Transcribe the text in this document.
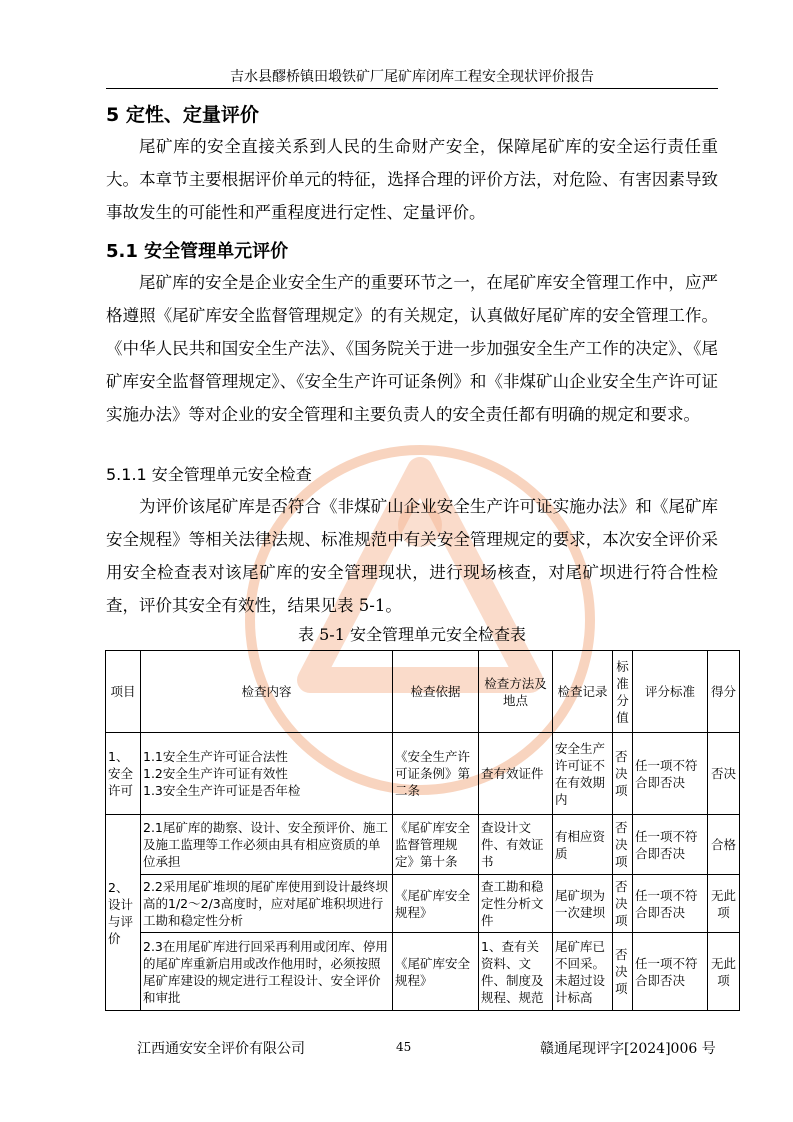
吉水县醪桥镇田塅铁矿厂尾矿库闭库工程安全现状评价报告
5 定性、定量评价
尾矿库的安全直接关系到人民的生命财产安全，保障尾矿库的安全运行责任重大。本章节主要根据评价单元的特征，选择合理的评价方法，对危险、有害因素导致事故发生的可能性和严重程度进行定性、定量评价。
5.1 安全管理单元评价
尾矿库的安全是企业安全生产的重要环节之一，在尾矿库安全管理工作中，应严格遵照《尾矿库安全监督管理规定》的有关规定，认真做好尾矿库的安全管理工作。《中华人民共和国安全生产法》、《国务院关于进一步加强安全生产工作的决定》、《尾矿库安全监督管理规定》、《安全生产许可证条例》和《非煤矿山企业安全生产许可证实施办法》等对企业的安全管理和主要负责人的安全责任都有明确的规定和要求。
5.1.1 安全管理单元安全检查
为评价该尾矿库是否符合《非煤矿山企业安全生产许可证实施办法》和《尾矿库安全规程》等相关法律法规、标准规范中有关安全管理规定的要求，本次安全评价采用安全检查表对该尾矿库的安全管理现状，进行现场核查，对尾矿坝进行符合性检查，评价其安全有效性，结果见表 5-1。
表 5-1 安全管理单元安全检查表
项目	检查内容	检查依据	检查方法及地点	检查记录	标准分值	评分标准	得分
1、安全许可	1.1安全生产许可证合法性
1.2安全生产许可证有效性
1.3安全生产许可证是否年检	《安全生产许可证条例》第二条	查有效证件	安全生产许可证不在有效期内	否决项	任一项不符合即否决	否决
2、设计与评价	2.1尾矿库的勘察、设计、安全预评价、施工及施工监理等工作必须由具有相应资质的单位承担	《尾矿库安全监督管理规定》第十条	查设计文件、有效证书	有相应资质	否决项	任一项不符合即否决	合格
	2.2采用尾矿堆坝的尾矿库使用到设计最终坝高的1/2～2/3高度时，应对尾矿堆积坝进行工勘和稳定性分析	《尾矿库安全规程》	查工勘和稳定性分析文件	尾矿坝为一次建坝	否决项	任一项不符合即否决	无此项
	2.3在用尾矿库进行回采再利用或闭库、停用的尾矿库重新启用或改作他用时，必须按照尾矿库建设的规定进行工程设计、安全评价和审批	《尾矿库安全规程》	1、查有关资料、文件、制度及规程、规范	尾矿库已不回采。未超过设计标高	否决项	任一项不符合即否决	无此项
江西通安安全评价有限公司	45	赣通尾现评字[2024]006 号
